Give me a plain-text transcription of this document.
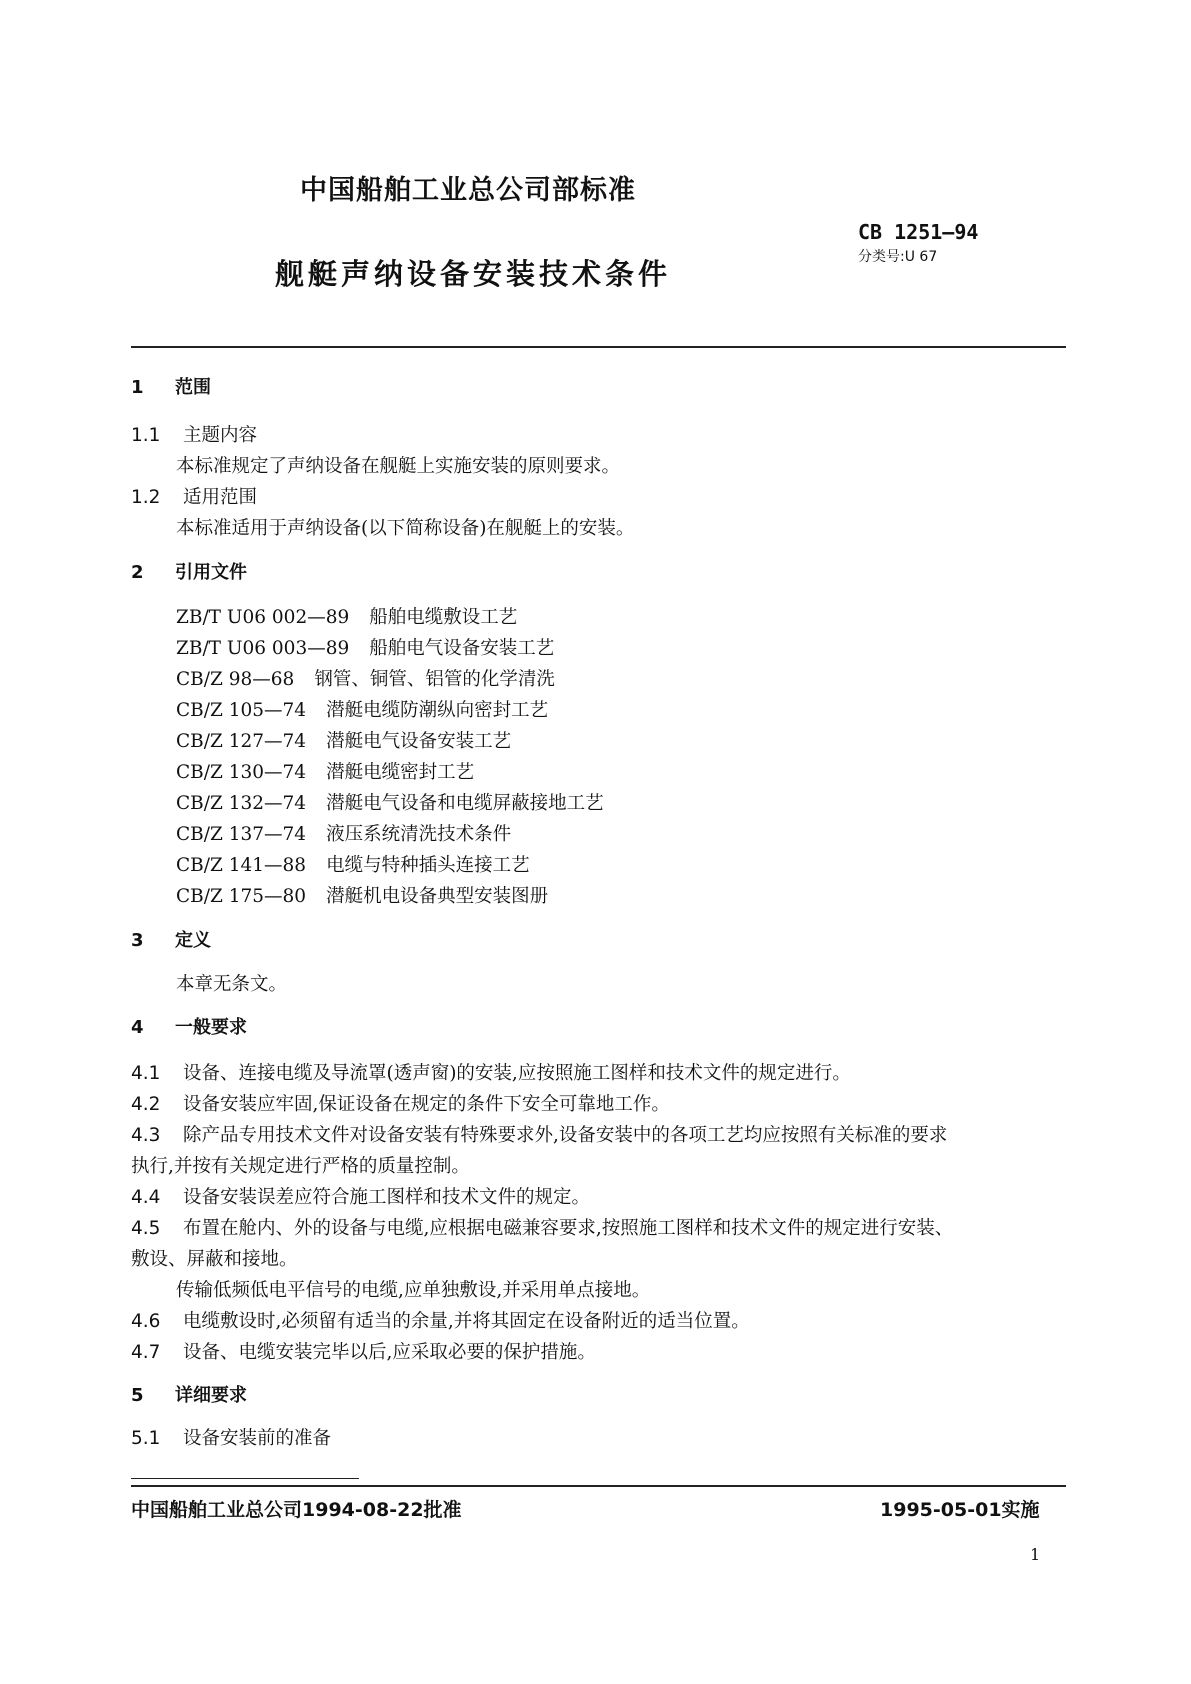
中国船舶工业总公司部标准
CB 1251—94
分类号:U 67
舰艇声纳设备安装技术条件
1 范围
1.1 主题内容
本标准规定了声纳设备在舰艇上实施安装的原则要求。
1.2 适用范围
本标准适用于声纳设备(以下简称设备)在舰艇上的安装。
2 引用文件
ZB/T U06 002—89 船舶电缆敷设工艺
ZB/T U06 003—89 船舶电气设备安装工艺
CB/Z 98—68 钢管、铜管、铝管的化学清洗
CB/Z 105—74 潜艇电缆防潮纵向密封工艺
CB/Z 127—74 潜艇电气设备安装工艺
CB/Z 130—74 潜艇电缆密封工艺
CB/Z 132—74 潜艇电气设备和电缆屏蔽接地工艺
CB/Z 137—74 液压系统清洗技术条件
CB/Z 141—88 电缆与特种插头连接工艺
CB/Z 175—80 潜艇机电设备典型安装图册
3 定义
本章无条文。
4 一般要求
4.1 设备、连接电缆及导流罩(透声窗)的安装,应按照施工图样和技术文件的规定进行。
4.2 设备安装应牢固,保证设备在规定的条件下安全可靠地工作。
4.3 除产品专用技术文件对设备安装有特殊要求外,设备安装中的各项工艺均应按照有关标准的要求
执行,并按有关规定进行严格的质量控制。
4.4 设备安装误差应符合施工图样和技术文件的规定。
4.5 布置在舱内、外的设备与电缆,应根据电磁兼容要求,按照施工图样和技术文件的规定进行安装、
敷设、屏蔽和接地。
传输低频低电平信号的电缆,应单独敷设,并采用单点接地。
4.6 电缆敷设时,必须留有适当的余量,并将其固定在设备附近的适当位置。
4.7 设备、电缆安装完毕以后,应采取必要的保护措施。
5 详细要求
5.1 设备安装前的准备
中国船舶工业总公司1994-08-22批准	1995-05-01实施
1
